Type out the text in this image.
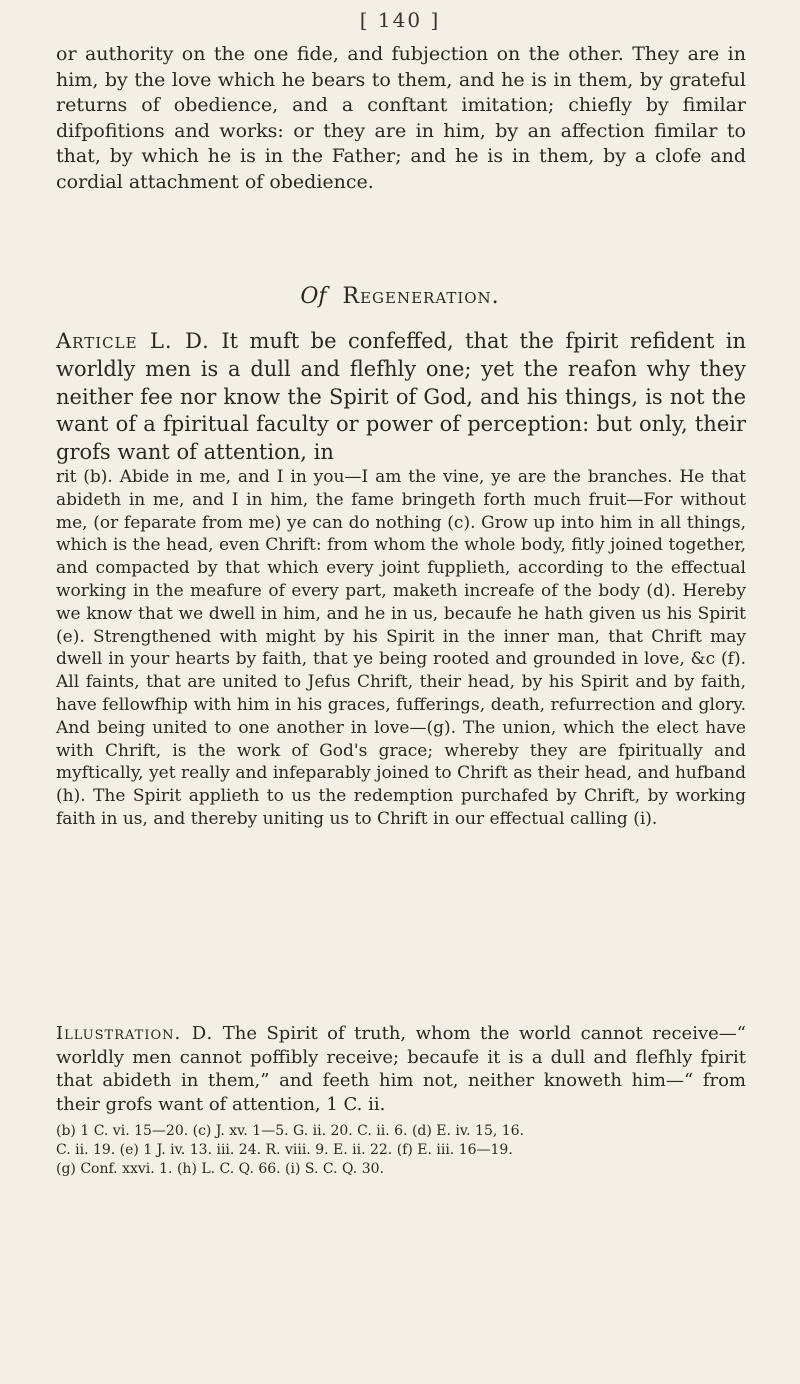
[ 140 ]

or authority on the one fide, and fubjection on the other. They are in him, by the love which he bears to them, and he is in them, by grateful returns of obedience, and a conftant imitation; chiefly by fimilar difpofitions and works: or they are in him, by an affection fimilar to that, by which he is in the Father; and he is in them, by a clofe and cordial attachment of obedience.

Of Regeneration.

Article L. D. It muft be confeffed, that the fpirit refident in worldly men is a dull and flefhly one; yet the reafon why they neither fee nor know the Spirit of God, and his things, is not the want of a fpiritual faculty or power of perception: but only, their grofs want of attention, in

rit (b). Abide in me, and I in you—I am the vine, ye are the branches. He that abideth in me, and I in him, the fame bringeth forth much fruit—For without me, (or feparate from me) ye can do nothing (c). Grow up into him in all things, which is the head, even Chrift: from whom the whole body, fitly joined together, and compacted by that which every joint fupplieth, according to the effectual working in the meafure of every part, maketh increafe of the body (d). Hereby we know that we dwell in him, and he in us, becaufe he hath given us his Spirit (e). Strengthened with might by his Spirit in the inner man, that Chrift may dwell in your hearts by faith, that ye being rooted and grounded in love, &c (f). All faints, that are united to Jefus Chrift, their head, by his Spirit and by faith, have fellowfhip with him in his graces, fufferings, death, refurrection and glory. And being united to one another in love—(g). The union, which the elect have with Chrift, is the work of God's grace; whereby they are fpiritually and myftically, yet really and infeparably joined to Chrift as their head, and hufband (h). The Spirit applieth to us the redemption purchafed by Chrift, by working faith in us, and thereby uniting us to Chrift in our effectual calling (i).

Illustration. D. The Spirit of truth, whom the world cannot receive—“ worldly men cannot poffibly receive; becaufe it is a dull and flefhly fpirit that abideth in them,” and feeth him not, neither knoweth him—“ from their grofs want of attention, 1 C. ii.

(b) 1 C. vi. 15—20. (c) J. xv. 1—5. G. ii. 20. C. ii. 6. (d) E. iv. 15, 16.
C. ii. 19. (e) 1 J. iv. 13. iii. 24. R. viii. 9. E. ii. 22. (f) E. iii. 16—19.
(g) Conf. xxvi. 1. (h) L. C. Q. 66. (i) S. C. Q. 30.
